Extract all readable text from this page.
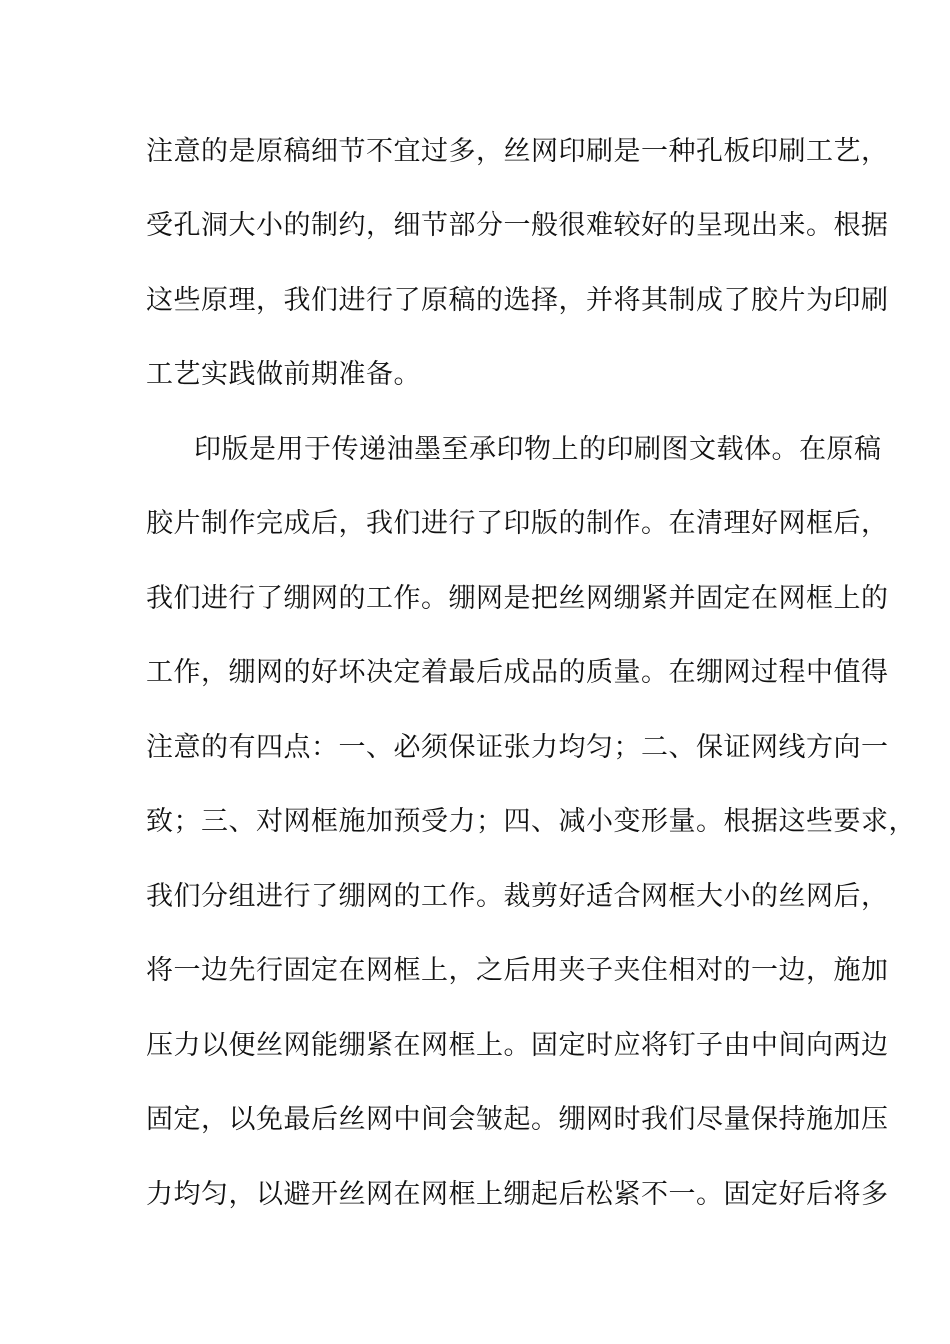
注意的是原稿细节不宜过多，丝网印刷是一种孔板印刷工艺，
受孔洞大小的制约，细节部分一般很难较好的呈现出来。根据
这些原理，我们进行了原稿的选择，并将其制成了胶片为印刷
工艺实践做前期准备。
印版是用于传递油墨至承印物上的印刷图文载体。在原稿
胶片制作完成后，我们进行了印版的制作。在清理好网框后，
我们进行了绷网的工作。绷网是把丝网绷紧并固定在网框上的
工作，绷网的好坏决定着最后成品的质量。在绷网过程中值得
注意的有四点：一、必须保证张力均匀；二、保证网线方向一
致；三、对网框施加预受力；四、减小变形量。根据这些要求，
我们分组进行了绷网的工作。裁剪好适合网框大小的丝网后，
将一边先行固定在网框上，之后用夹子夹住相对的一边，施加
压力以便丝网能绷紧在网框上。固定时应将钉子由中间向两边
固定，以免最后丝网中间会皱起。绷网时我们尽量保持施加压
力均匀，以避开丝网在网框上绷起后松紧不一。固定好后将多
